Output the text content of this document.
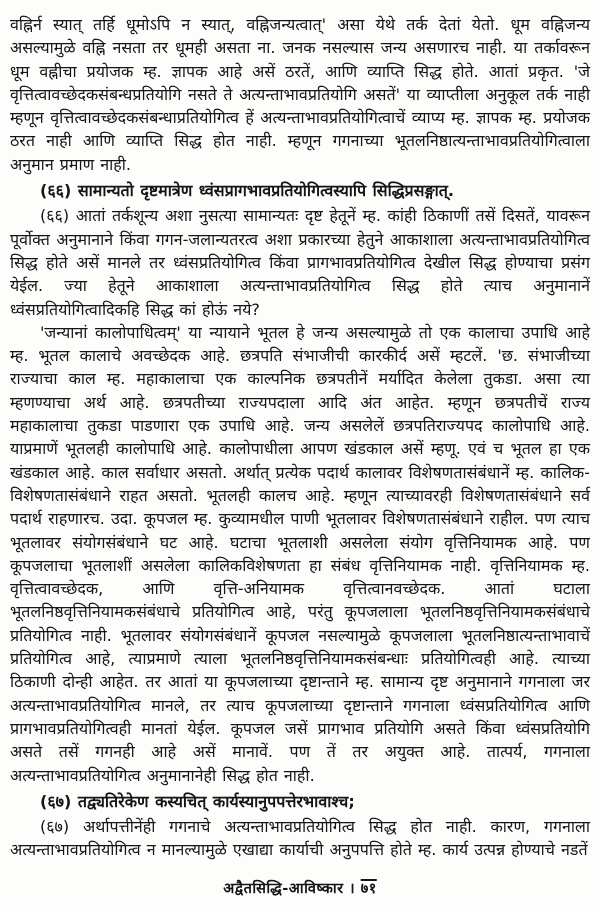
वह्निर्न स्यात् तर्हि धूमोऽपि न स्यात्, वह्निजन्यत्वात्' असा येथे तर्क देतां येतो. धूम वह्निजन्य असल्यामुळे वह्नि नसता तर धूमही असता ना. जनक नसल्यास जन्य असणारच नाही. या तर्कावरून धूम वह्नीचा प्रयोजक म्ह. ज्ञापक आहे असें ठरतें, आणि व्याप्ति सिद्ध होते. आतां प्रकृत. 'जे वृत्तित्वावच्छेदकसंबन्धप्रतियोगि नसते ते अत्यन्ताभावप्रतियोगि असतें' या व्याप्तीला अनुकूल तर्क नाही म्हणून वृत्तित्वावच्छेदकसंबन्धाप्रतियोगित्व हें अत्यन्ताभावप्रतियोगित्वाचें व्याप्य म्ह. ज्ञापक म्ह. प्रयोजक ठरत नाही आणि व्याप्ति सिद्ध होत नाही. म्हणून गगनाच्या भूतलनिष्ठात्यन्ताभावप्रतियोगित्वाला अनुमान प्रमाण नाही.

(६६) सामान्यतो दृष्टमात्रेण ध्वंसप्रागभावप्रतियोगित्वस्यापि सिद्धिप्रसङ्गात्.

(६६) आतां तर्कशून्य अशा नुसत्या सामान्यतः दृष्ट हेतूनें म्ह. कांही ठिकाणीं तसें दिसतें, यावरून पूर्वोक्त अनुमानाने किंवा गगन-जलान्यतरत्व अशा प्रकारच्या हेतुने आकाशाला अत्यन्ताभावप्रतियोगित्व सिद्ध होते असें मानले तर ध्वंसप्रतियोगित्व किंवा प्रागभावप्रतियोगित्व देखील सिद्ध होण्याचा प्रसंग येईल. ज्या हेतूने आकाशाला अत्यन्ताभावप्रतियोगित्व सिद्ध होते त्याच अनुमानानें ध्वंसप्रतियोगित्वादिकहि सिद्ध कां होऊं नये?

'जन्यानां कालोपाधित्वम्' या न्यायाने भूतल हे जन्य असल्यामुळे तो एक कालाचा उपाधि आहे म्ह. भूतल कालाचे अवच्छेदक आहे. छत्रपति संभाजीची कारकीर्द असें म्हटलें. 'छ. संभाजीच्या राज्याचा काल म्ह. महाकालाचा एक काल्पनिक छत्रपतीनें मर्यादित केलेला तुकडा. असा त्या म्हणण्याचा अर्थ आहे. छत्रपतीच्या राज्यपदाला आदि अंत आहेत. म्हणून छत्रपतीचें राज्य महाकालाचा तुकडा पाडणारा एक उपाधि आहे. जन्य असलेलें छत्रपतिराज्यपद कालोपाधि आहे. याप्रमाणें भूतलही कालोपाधि आहे. कालोपाधीला आपण खंडकाल असें म्हणू. एवं च भूतल हा एक खंडकाल आहे. काल सर्वाधार असतो. अर्थात् प्रत्येक पदार्थ कालावर विशेषणतासंबंधानें म्ह. कालिक-विशेषणतासंबंधाने राहत असतो. भूतलही कालच आहे. म्हणून त्याच्यावरही विशेषणतासंबंधाने सर्व पदार्थ राहणारच. उदा. कूपजल म्ह. कुव्यामधील पाणी भूतलावर विशेषणतासंबंधाने राहील. पण त्याच भूतलावर संयोगसंबंधाने घट आहे. घटाचा भूतलाशी असलेला संयोग वृत्तिनियामक आहे. पण कूपजलाचा भूतलाशीं असलेला कालिकविशेषणता हा संबंध वृत्तिनियामक नाही. वृत्तिनियामक म्ह. वृत्तित्वावच्छेदक, आणि वृत्ति-अनियामक वृत्तित्वानवच्छेदक. आतां घटाला भूतलनिष्ठवृत्तिनियामकसंबंधाचे प्रतियोगित्व आहे, परंतु कूपजलाला भूतलनिष्ठवृत्तिनियामकसंबंधाचे प्रतियोगित्व नाही. भूतलावर संयोगसंबंधानें कूपजल नसल्यामुळे कूपजलाला भूतलनिष्ठात्यन्ताभावाचें प्रतियोगित्व आहे, त्याप्रमाणे त्याला भूतलनिष्ठवृत्तिनियामकसंबन्धाः प्रतियोगित्वही आहे. त्याच्या ठिकाणी दोन्ही आहेत. तर आतां या कूपजलाच्या दृष्टान्ताने म्ह. सामान्य दृष्ट अनुमानाने गगनाला जर अत्यन्ताभावप्रतियोगित्व मानले, तर त्याच कूपजलाच्या दृष्टान्ताने गगनाला ध्वंसप्रतियोगित्व आणि प्रागभावप्रतियोगित्वही मानतां येईल. कूपजल जसें प्रागभाव प्रतियोगि असते किंवा ध्वंसप्रतियोगि असते तसें गगनही आहे असें मानावें. पण तें तर अयुक्त आहे. तात्पर्य, गगनाला अत्यन्ताभावप्रतियोगित्व अनुमानानेही सिद्ध होत नाही.

(६७) तद्व्यतिरेकेण कस्यचित् कार्यस्यानुपपत्तेरभावाश्च;

(६७) अर्थापत्तीनेंही गगनाचे अत्यन्ताभावप्रतियोगित्व सिद्ध होत नाही. कारण, गगनाला अत्यन्ताभावप्रतियोगित्व न मानल्यामुळे एखाद्या कार्याची अनुपपत्ति होते म्ह. कार्य उत्पन्न होण्याचे नडतें

अद्वैतसिद्धि-आविष्कार । ७१
